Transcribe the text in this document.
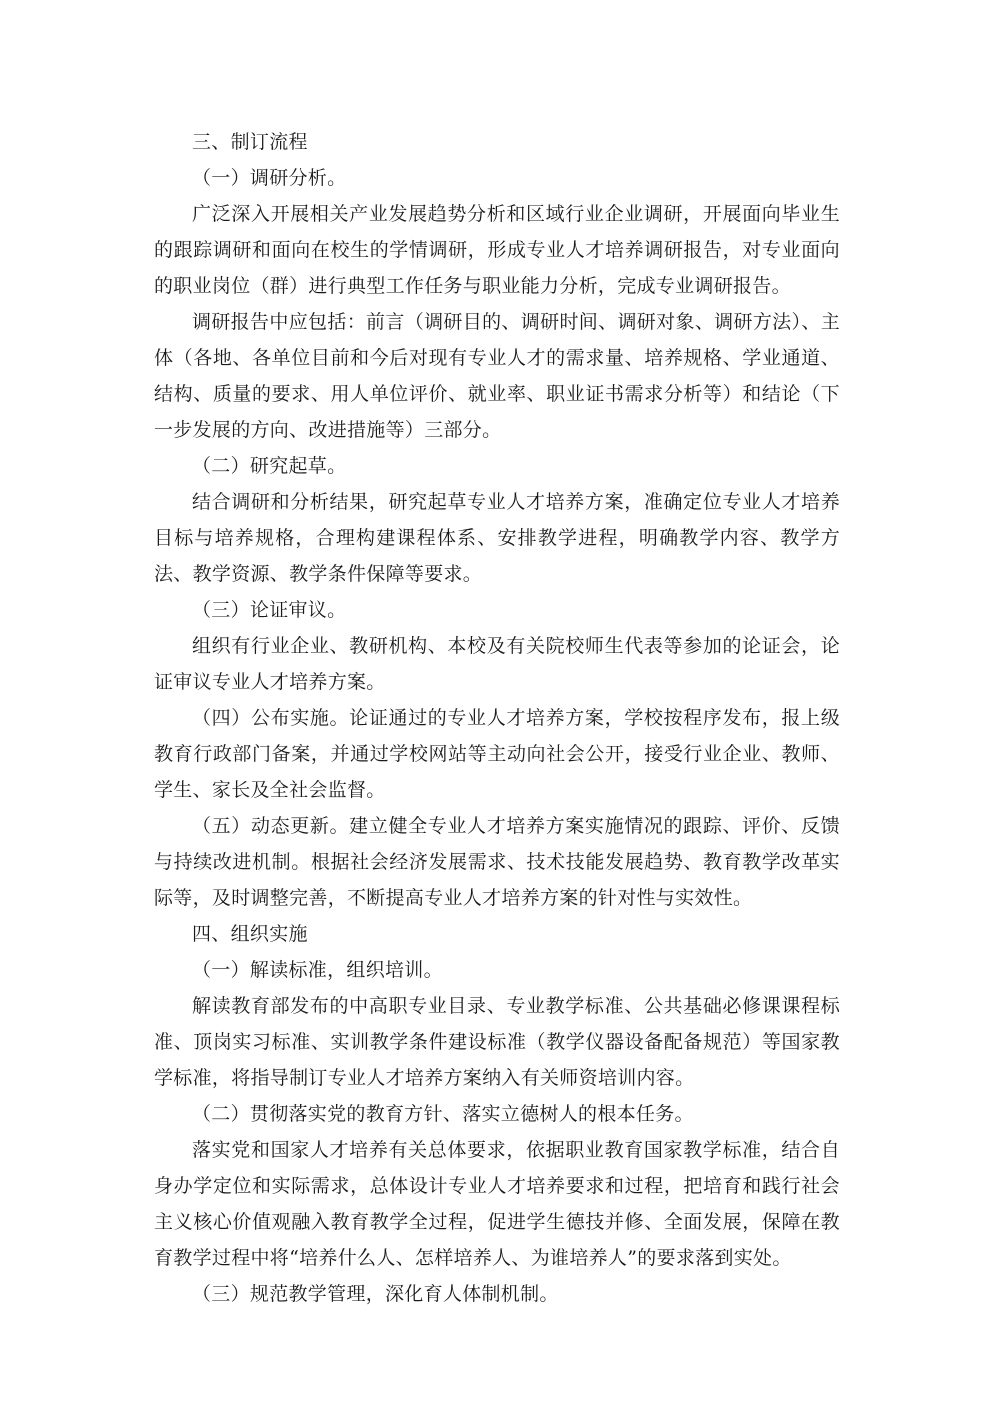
三、制订流程

（一）调研分析。

广泛深入开展相关产业发展趋势分析和区域行业企业调研，开展面向毕业生的跟踪调研和面向在校生的学情调研，形成专业人才培养调研报告，对专业面向的职业岗位（群）进行典型工作任务与职业能力分析，完成专业调研报告。

调研报告中应包括：前言（调研目的、调研时间、调研对象、调研方法）、主体（各地、各单位目前和今后对现有专业人才的需求量、培养规格、学业通道、结构、质量的要求、用人单位评价、就业率、职业证书需求分析等）和结论（下一步发展的方向、改进措施等）三部分。

（二）研究起草。

结合调研和分析结果，研究起草专业人才培养方案，准确定位专业人才培养目标与培养规格，合理构建课程体系、安排教学进程，明确教学内容、教学方法、教学资源、教学条件保障等要求。

（三）论证审议。

组织有行业企业、教研机构、本校及有关院校师生代表等参加的论证会，论证审议专业人才培养方案。

（四）公布实施。论证通过的专业人才培养方案，学校按程序发布，报上级教育行政部门备案，并通过学校网站等主动向社会公开，接受行业企业、教师、学生、家长及全社会监督。

（五）动态更新。建立健全专业人才培养方案实施情况的跟踪、评价、反馈与持续改进机制。根据社会经济发展需求、技术技能发展趋势、教育教学改革实际等，及时调整完善，不断提高专业人才培养方案的针对性与实效性。

四、组织实施

（一）解读标准，组织培训。

解读教育部发布的中高职专业目录、专业教学标准、公共基础必修课课程标准、顶岗实习标准、实训教学条件建设标准（教学仪器设备配备规范）等国家教学标准，将指导制订专业人才培养方案纳入有关师资培训内容。

（二）贯彻落实党的教育方针、落实立德树人的根本任务。

落实党和国家人才培养有关总体要求，依据职业教育国家教学标准，结合自身办学定位和实际需求，总体设计专业人才培养要求和过程，把培育和践行社会主义核心价值观融入教育教学全过程，促进学生德技并修、全面发展，保障在教育教学过程中将“培养什么人、怎样培养人、为谁培养人”的要求落到实处。

（三）规范教学管理，深化育人体制机制。
